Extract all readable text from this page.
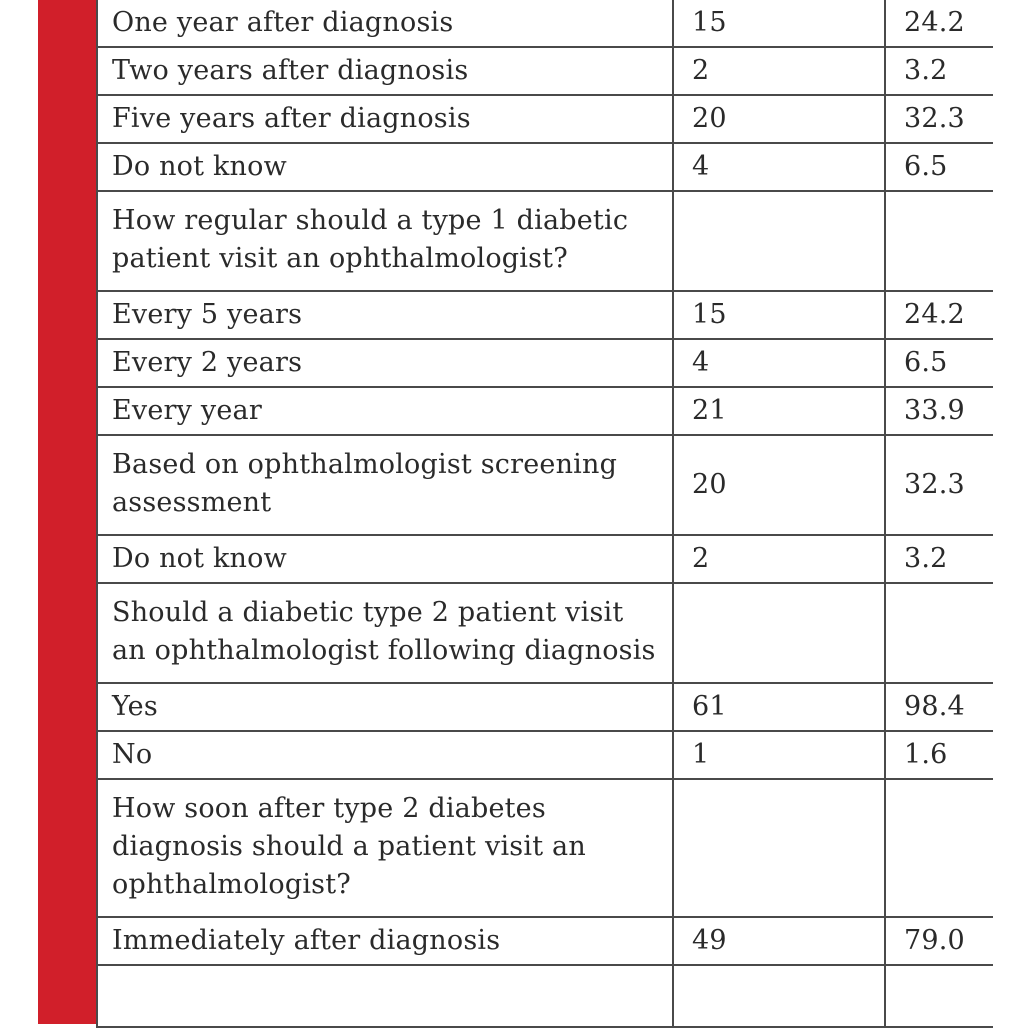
One year after diagnosis	15	24.2
Two years after diagnosis	2	3.2
Five years after diagnosis	20	32.3
Do not know	4	6.5
How regular should a type 1 diabetic patient visit an ophthalmologist?		
Every 5 years	15	24.2
Every 2 years	4	6.5
Every year	21	33.9
Based on ophthalmologist screening assessment	20	32.3
Do not know	2	3.2
Should a diabetic type 2 patient visit an ophthalmologist following diagnosis		
Yes	61	98.4
No	1	1.6
How soon after type 2 diabetes diagnosis should a patient visit an ophthalmologist?		
Immediately after diagnosis	49	79.0
